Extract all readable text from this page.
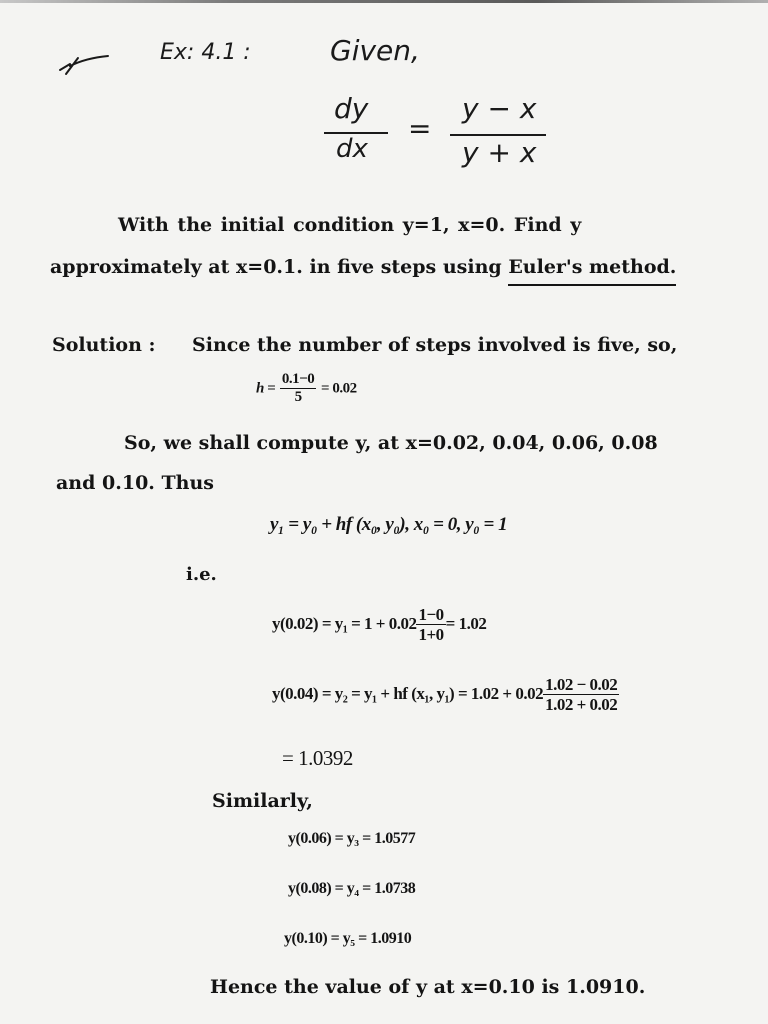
Ex: 4.1 :	Given,
dy
dx
=
y − x
y + x
With the initial condition y=1, x=0. Find y
approximately at x=0.1. in five steps using Euler's method.
Solution : Since the number of steps involved is five, so,
$h = \frac{0.1-0}{5} = 0.02$
So, we shall compute y, at x=0.02, 0.04, 0.06, 0.08
and 0.10. Thus
y₁ = y₀ + hf (x₀, y₀), x₀ = 0, y₀ = 1
i.e.
$y(0.02) = y_1 = 1 + 0.02 \frac{1-0}{1+0} = 1.02$
y(0.04) = y₂ = y₁ + hf (x₁, $y_1) = 1.02 + 0.02 \frac{1.02 - 0.02}{1.02 + 0.02}$
= 1.0392
Similarly,
y(0.06) = y₃ = 1.0577
y(0.08) = y₄ = 1.0738
y(0.10) = y₅ = 1.0910
Hence the value of y at x=0.10 is 1.0910.
